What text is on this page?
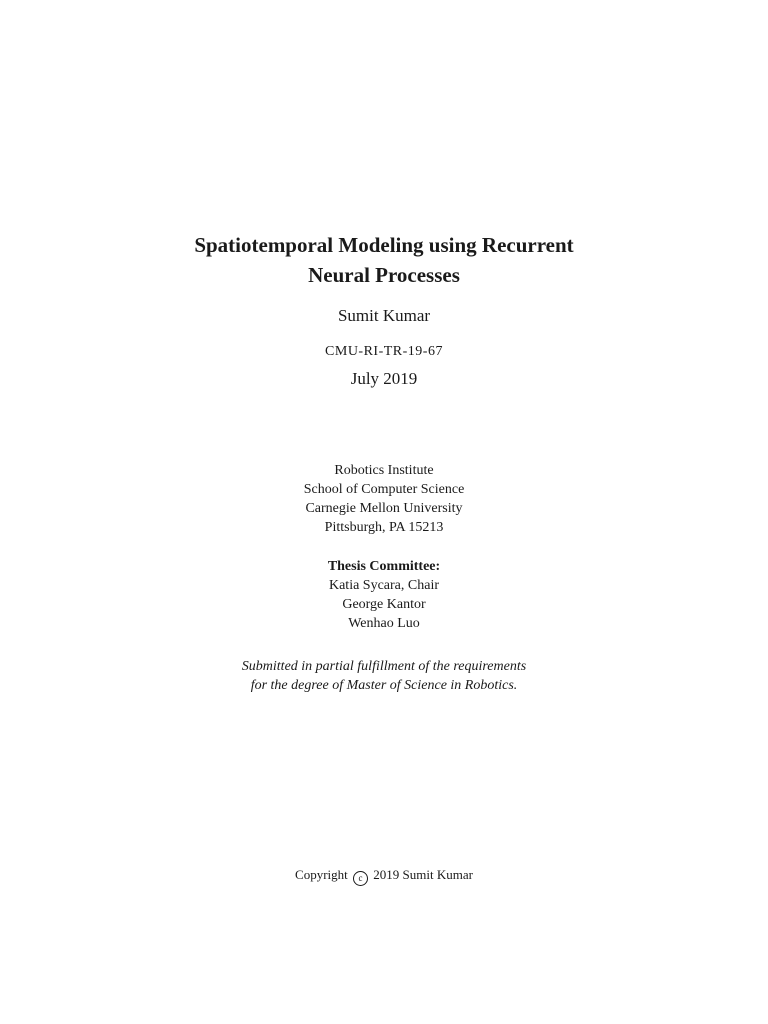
Spatiotemporal Modeling using Recurrent
Neural Processes
Sumit Kumar
CMU-RI-TR-19-67
July 2019
Robotics Institute
School of Computer Science
Carnegie Mellon University
Pittsburgh, PA 15213
Thesis Committee:
Katia Sycara, Chair
George Kantor
Wenhao Luo
Submitted in partial fulfillment of the requirements
for the degree of Master of Science in Robotics.
Copyright c 2019 Sumit Kumar
